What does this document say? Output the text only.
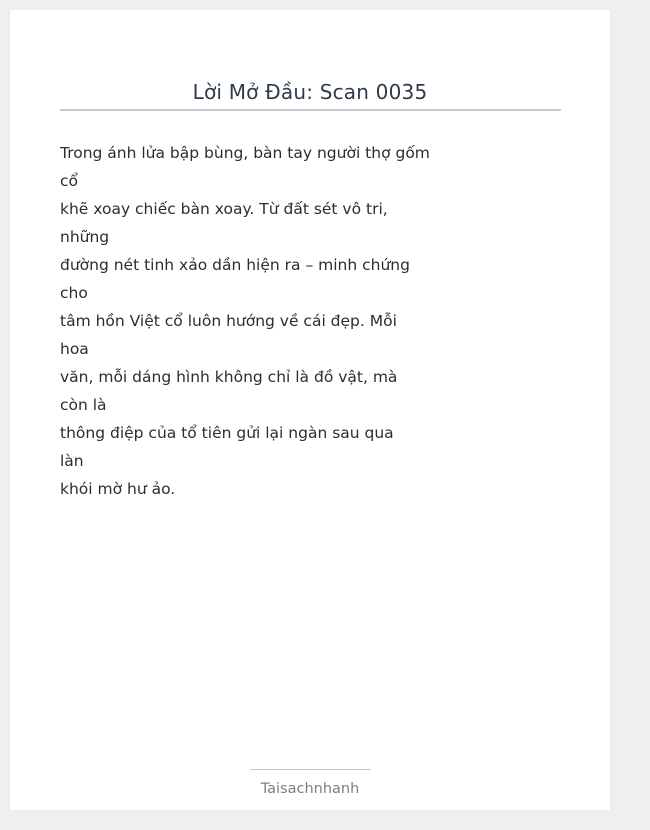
Lời Mở Đầu: Scan 0035
Trong ánh lửa bập bùng, bàn tay người thợ gốm
cổ
khẽ xoay chiếc bàn xoay. Từ đất sét vô tri,
những
đường nét tinh xảo dần hiện ra – minh chứng
cho
tâm hồn Việt cổ luôn hướng về cái đẹp. Mỗi
hoa
văn, mỗi dáng hình không chỉ là đồ vật, mà
còn là
thông điệp của tổ tiên gửi lại ngàn sau qua
làn
khói mờ hư ảo.
Taisachnhanh
